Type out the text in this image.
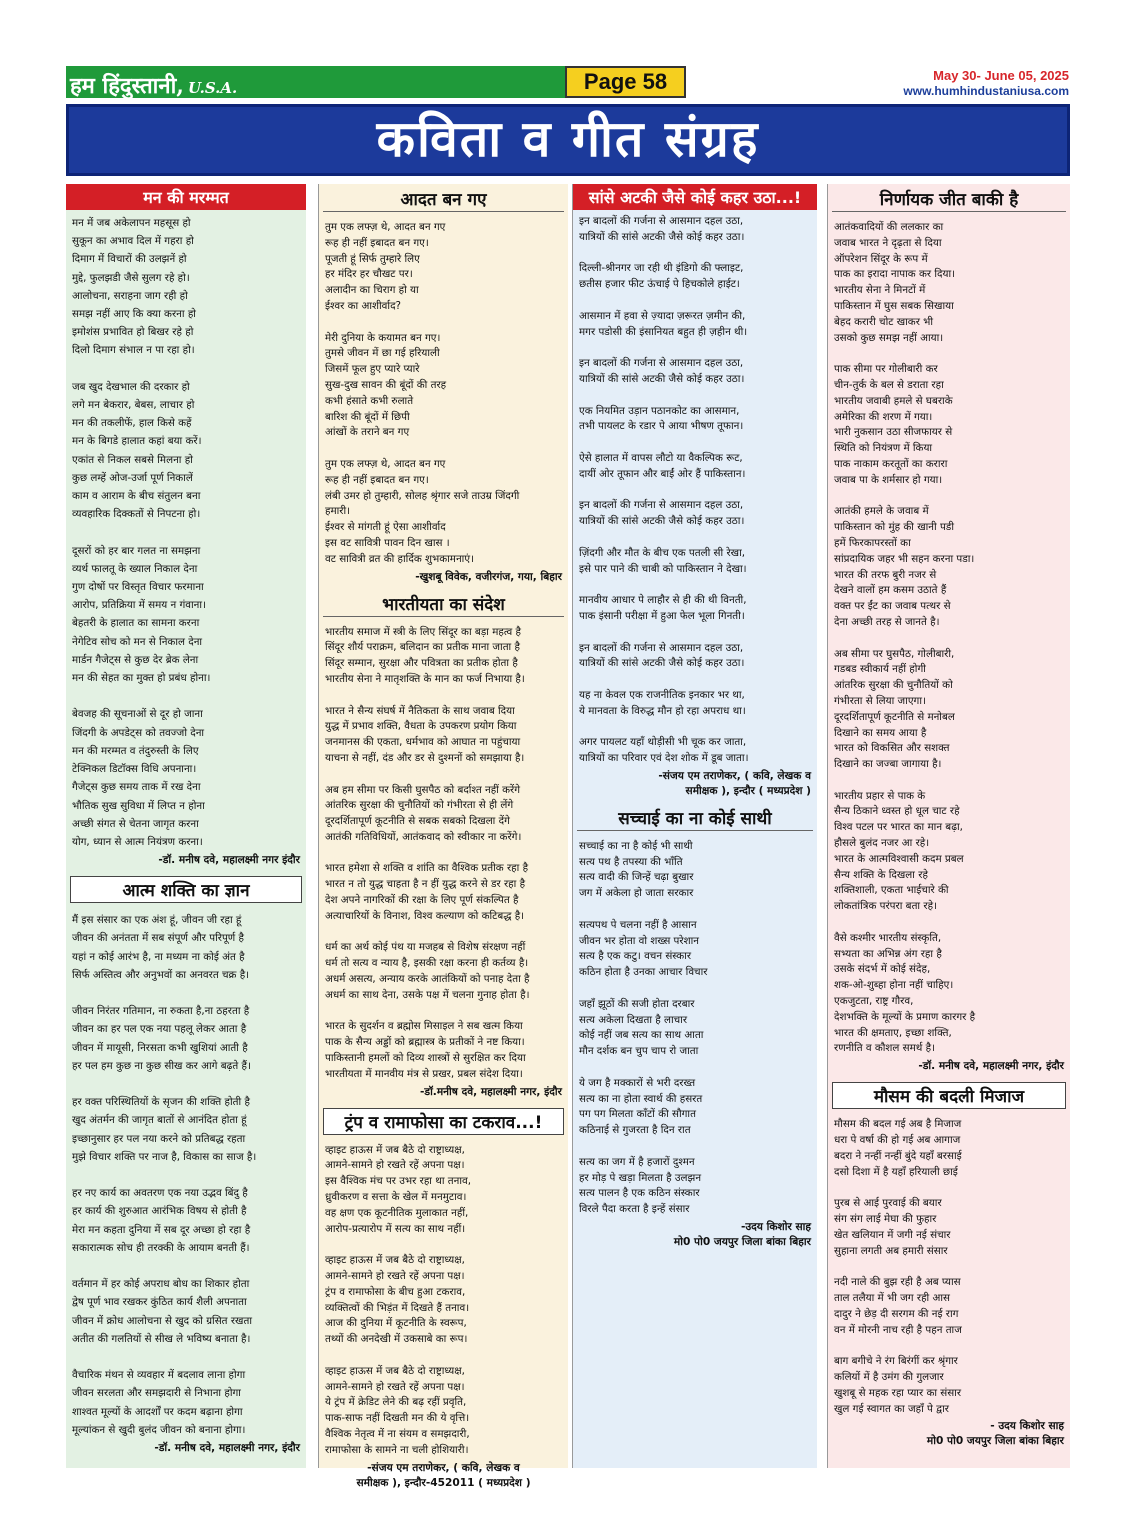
हम हिंदुस्तानी, U.S.A.	Page 58	May 30- June 05, 2025
www.humhindustaniusa.com
कविता व गीत संग्रह
मन की मरम्मत
मन में जब अकेलापन महसूस हो
सुकून का अभाव दिल में गहरा हो
दिमाग में विचारों की उलझनें हो
मुद्दे, फुलझडी जैसे सुलग रहे हो।
आलोचना, सराहना जाग रही हो
समझ नहीं आए कि क्या करना हो
इमोशंस प्रभावित हो बिखर रहे हो
दिलो दिमाग संभाल न पा रहा हो।

जब खुद देखभाल की दरकार हो
लगे मन बेकरार, बेबस, लाचार हो
मन की तकलीफें, हाल किसे कहें
मन के बिगडे हालात कहां बया करें।
एकांत से निकल सबसे मिलना हो
कुछ लम्हें ओज-उर्जा पूर्ण निकालें
काम व आराम के बीच संतुलन बना
व्यवहारिक दिक्कतों से निपटना हो।

दूसरों को हर बार गलत ना समझना
व्यर्थ फालतू के ख्याल निकाल देना
गुण दोषों पर विस्तृत विचार फरमाना
आरोप, प्रतिक्रिया में समय न गंवाना।
बेहतरी के हालात का सामना करना
नेगेटिव सोच को मन से निकाल देना
मार्डन गैजेट्स से कुछ देर ब्रेक लेना
मन की सेहत का मुक्त हो प्रबंध होना।

बेवजह की सूचनाओं से दूर हो जाना
जिंदगी के अपडेट्स को तवज्जो देना
मन की मरम्मत व तंदुरुस्ती के लिए
टेक्निकल डिटॉक्स विधि अपनाना।
गैजेट्स कुछ समय ताक में रख देना
भौतिक सुख सुविधा में लिप्त न होना
अच्छी संगत से चेतना जागृत करना
योग, ध्यान से आत्म नियंत्रण करना।
-डॉ. मनीष दवे, महालक्ष्मी नगर इंदौर
आत्म शक्ति का ज्ञान
मैं इस संसार का एक अंश हूं, जीवन जी रहा हूं
जीवन की अनंतता में सब संपूर्ण और परिपूर्ण है
यहां न कोई आरंभ है, ना मध्यम ना कोई अंत है
सिर्फ अस्तित्व और अनुभवों का अनवरत चक्र है।

जीवन निरंतर गतिमान, ना रुकता है,ना ठहरता है
जीवन का हर पल एक नया पहलू लेकर आता है
जीवन में मायूसी, निरसता कभी खुशियां आती है
हर पल हम कुछ ना कुछ सीख कर आगे बढ़ते हैं।

हर वक्त परिस्थितियों के सृजन की शक्ति होती है
खुद अंतर्मन की जागृत बातों से आनंदित होता हूं
इच्छानुसार हर पल नया करने को प्रतिबद्ध रहता
मुझे विचार शक्ति पर नाज है, विकास का साज है।

हर नए कार्य का अवतरण एक नया उद्भव बिंदु है
हर कार्य की शुरुआत आरंभिक विषय से होती है
मेरा मन कहता दुनिया में सब दूर अच्छा हो रहा है
सकारात्मक सोच ही तरक्की के आयाम बनती हैं।

वर्तमान में हर कोई अपराध बोध का शिकार होता
द्वेष पूर्ण भाव रखकर कुंठित कार्य शैली अपनाता
जीवन में क्रोध आलोचना से खुद को ग्रसित रखता
अतीत की गलतियों से सीख ले भविष्य बनाता है।

वैचारिक मंथन से व्यवहार में बदलाव लाना होगा
जीवन सरलता और समझदारी से निभाना होगा
शाश्वत मूल्यों के आदर्शों पर कदम बढ़ाना होगा
मूल्यांकन से खुदी बुलंद जीवन को बनाना होगा।
-डॉ. मनीष दवे, महालक्ष्मी नगर, इंदौर
आदत बन गए
तुम एक लफ्ज़ थे, आदत बन गए
रूह ही नहीं इबादत बन गए।
पूजती हूं सिर्फ तुम्हारे लिए
हर मंदिर हर चौखट पर।
अलादीन का चिराग हो या
ईश्वर का आशीर्वाद?

मेरी दुनिया के कयामत बन गए।
तुमसे जीवन में छा गई हरियाली
जिसमें फूल हुए प्यारे प्यारे
सुख-दुख सावन की बूंदों की तरह
कभी हंसाते कभी रुलाते
बारिश की बूंदों में छिपी
आंखों के तराने बन गए

तुम एक लफ्ज़ थे, आदत बन गए
रूह ही नहीं इबादत बन गए।
लंबी उमर हो तुम्हारी, सोलह श्रृंगार सजे ताउम्र जिंदगी
हमारी।
ईश्वर से मांगती हूं ऐसा आशीर्वाद
इस वट सावित्री पावन दिन खास ।
वट सावित्री व्रत की हार्दिक शुभकामनाएं।
-खुशबू विवेक, वजीरगंज, गया, बिहार
भारतीयता का संदेश
भारतीय समाज में स्त्री के लिए सिंदूर का बड़ा महत्व है
सिंदूर शौर्य पराक्रम, बलिदान का प्रतीक माना जाता है
सिंदूर सम्मान, सुरक्षा और पवित्रता का प्रतीक होता है
भारतीय सेना ने मातृशक्ति के मान का फर्ज निभाया है।

भारत ने सैन्य संघर्ष में नैतिकता के साथ जवाब दिया
युद्ध में प्रभाव शक्ति, वैधता के उपकरण प्रयोग किया
जनमानस की एकता, धर्मभाव को आघात ना पहुंचाया
याचना से नहीं, दंड और डर से दुश्मनों को समझाया है।

अब हम सीमा पर किसी घुसपैठ को बर्दाश्त नहीं करेंगे
आंतरिक सुरक्षा की चुनौतियों को गंभीरता से ही लेंगे
दूरदर्शितापूर्ण कूटनीति से सबक सबको दिखला देंगे
आतंकी गतिविधियों, आतंकवाद को स्वीकार ना करेंगे।

भारत हमेशा से शक्ति व शांति का वैश्विक प्रतीक रहा है
भारत न तो युद्ध चाहता है न हीं युद्ध करने से डर रहा है
देश अपने नागरिकों की रक्षा के लिए पूर्ण संकल्पित है
अत्याचारियों के विनाश, विश्व कल्याण को कटिबद्ध है।

धर्म का अर्थ कोई पंथ या मजहब से विशेष संरक्षण नहीं
धर्म तो सत्य व न्याय है, इसकी रक्षा करना ही कर्तव्य है।
अधर्म असत्य, अन्याय करके आतंकियों को पनाह देता है
अधर्म का साथ देना, उसके पक्ष में चलना गुनाह होता है।

भारत के सुदर्शन व ब्रह्मोस मिसाइल ने सब खत्म किया
पाक के सैन्य अड्डों को ब्रह्मास्त्र के प्रतीकों ने नष्ट किया।
पाकिस्तानी हमलों को दिव्य शास्त्रों से सुरक्षित कर दिया
भारतीयता में मानवीय मंत्र से प्रखर, प्रबल संदेश दिया।
-डॉ.मनीष दवे, महालक्ष्मी नगर, इंदौर
ट्रंप व रामाफोसा का टकराव...!
व्हाइट हाऊस में जब बैठे दो राष्ट्राध्यक्ष,
आमने-सामने हो रखते रहें अपना पक्ष।
इस वैश्विक मंच पर उभर रहा था तनाव,
ध्रुवीकरण व सत्ता के खेल में मनमुटाव।
वह क्षण एक कूटनीतिक मुलाकात नहीं,
आरोप-प्रत्यारोप में सत्य का साथ नहीं।

व्हाइट हाऊस में जब बैठे दो राष्ट्राध्यक्ष,
आमने-सामने हो रखते रहें अपना पक्ष।
ट्रंप व रामाफोसा के बीच हुआ टकराव,
व्यक्तित्वों की भिड़ंत में दिखते हैं तनाव।
आज की दुनिया में कूटनीति के स्वरूप,
तथ्यों की अनदेखी में उकसाबे का रूप।

व्हाइट हाऊस में जब बैठे दो राष्ट्राध्यक्ष,
आमने-सामने हो रखते रहें अपना पक्ष।
ये ट्रंप में क्रेडिट लेने की बढ़ रहीं प्रवृति,
पाक-साफ नहीं दिखती मन की ये वृत्ति।
वैश्विक नेतृत्व में ना संयम व समझदारी,
रामाफोसा के सामने ना चली होशियारी।
-संजय एम तराणेकर, ( कवि, लेखक व
समीक्षक ), इन्दौर-452011 ( मध्यप्रदेश )
सांसे अटकी जैसे कोई कहर उठा...!
इन बादलों की गर्जना से आसमान दहल उठा,
यात्रियों की सांसे अटकी जैसे कोई कहर उठा।

दिल्ली-श्रीनगर जा रही थी इंडिगो की फ्लाइट,
छतीस हजार फीट ऊंचाई पे हिचकोले हाईट।

आसमान में हवा से ज़्यादा ज़रूरत ज़मीन की,
मगर पडोसी की इंसानियत बहुत ही ज़हीन थी।

इन बादलों की गर्जना से आसमान दहल उठा,
यात्रियों की सांसे अटकी जैसे कोई कहर उठा।

एक नियमित उड़ान पठानकोट का आसमान,
तभी पायलट के रडार पे आया भीषण तूफान।

ऐसे हालात में वापस लौटो या वैकल्पिक रूट,
दायीं ओर तूफान और बाईं ओर हैं पाकिस्तान।

इन बादलों की गर्जना से आसमान दहल उठा,
यात्रियों की सांसे अटकी जैसे कोई कहर उठा।

ज़िंदगी और मौत के बीच एक पतली सी रेखा,
इसे पार पाने की चाबी को पाकिस्तान ने देखा।

मानवीय आधार पे लाहौर से ही की थी विनती,
पाक इंसानी परीक्षा में हुआ फेल भूला गिनती।

इन बादलों की गर्जना से आसमान दहल उठा,
यात्रियों की सांसे अटकी जैसे कोई कहर उठा।

यह ना केवल एक राजनीतिक इनकार भर था,
ये मानवता के विरुद्ध मौन हो रहा अपराध था।

अगर पायलट यहाँ थोड़ीसी भी चूक कर जाता,
यात्रियों का परिवार एवं देश शोक में डूब जाता।
-संजय एम तराणेकर, ( कवि, लेखक व
समीक्षक ), इन्दौर ( मध्यप्रदेश )
सच्चाई का ना कोई साथी
सच्चाई का ना है कोई भी साथी
सत्य पथ है तपस्या की भाँति
सत्य वादी की जिन्हें चढ़ा बुखार
जग में अकेला हो जाता सरकार

सत्यपथ पे चलना नहीं है आसान
जीवन भर होता वो शख्स परेशान
सत्य है एक कटु। वचन संस्कार
कठिन होता है उनका आचार विचार

जहाँ झूठों की सजी होता दरबार
सत्य अकेला दिखता है लाचार
कोई नहीं जब सत्य का साथ आता
मौन दर्शक बन चुप चाप रो जाता

ये जग है मक्कारों से भरी दरख्त
सत्य का ना होता स्वार्थ की हसरत
पग पग मिलता काँटों की सौगात
कठिनाई से गुजरता है दिन रात

सत्य का जग में है हजारों दुश्मन
हर मोड़ पे खड़ा मिलता है उलझन
सत्य पालन है एक कठिन संस्कार
विरले पैदा करता है इन्हें संसार
-उदय किशोर साह
मो0 पो0 जयपुर जिला बांका बिहार
निर्णायक जीत बाकी है
आतंकवादियों की ललकार का
जवाब भारत ने दृढ़ता से दिया
ऑपरेशन सिंदूर के रूप में
पाक का इरादा नापाक कर दिया।
भारतीय सेना ने मिनटों में
पाकिस्तान में घुस सबक सिखाया
बेहद करारी चोट खाकर भी
उसको कुछ समझ नहीं आया।

पाक सीमा पर गोलीबारी कर
चीन-तुर्क के बल से डराता रहा
भारतीय जवाबी हमले से घबराके
अमेरिका की शरण में गया।
भारी नुकसान उठा सीजफायर से
स्थिति को नियंत्रण में किया
पाक नाकाम करतूतों का करारा
जवाब पा के शर्मसार हो गया।

आतंकी हमले के जवाब में
पाकिस्तान को मुंह की खानी पडी
हमें फिरकापरस्तों का
सांप्रदायिक जहर भी सहन करना पडा।
भारत की तरफ बुरी नजर से
देखने वालों हम कसम उठाते हैं
वक्त पर ईंट का जवाब पत्थर से
देना अच्छी तरह से जानते है।

अब सीमा पर घुसपैठ, गोलीबारी,
गडबड स्वीकार्य नहीं होगी
आंतरिक सुरक्षा की चुनौतियों को
गंभीरता से लिया जाएगा।
दूरदर्शितापूर्ण कूटनीति से मनोबल
दिखाने का समय आया है
भारत को विकसित और सशक्त
दिखाने का जज्बा जागाया है।

भारतीय प्रहार से पाक के
सैन्य ठिकाने ध्वस्त हो धूल चाट रहे
विश्व पटल पर भारत का मान बढ़ा,
हौसले बुलंद नजर आ रहे।
भारत के आत्मविश्वासी कदम प्रबल
सैन्य शक्ति के दिखला रहे
शक्तिशाली, एकता भाईचारे की
लोकतांत्रिक परंपरा बता रहे।

वैसे कश्मीर भारतीय संस्कृति,
सभ्यता का अभिन्न अंग रहा है
उसके संदर्भ में कोई संदेह,
शक-ओ-शुब्हा होना नहीं चाहिए।
एकजुटता, राष्ट्र गौरव,
देशभक्ति के मूल्यों के प्रमाण कारगर है
भारत की क्षमताए, इच्छा शक्ति,
रणनीति व कौशल समर्थ है।
-डॉ. मनीष दवे, महालक्ष्मी नगर, इंदौर
मौसम की बदली मिजाज
मौसम की बदल गई अब है मिजाज
धरा पे वर्षा की हो गई अब आगाज
बदरा ने नन्हीं नन्हीं बुंदे यहाँ बरसाई
दसो दिशा में है यहाँ हरियाली छाई

पुरब से आई पुरवाई की बयार
संग संग लाई मेघा की फुहार
खेत खलियान में जगी नई संचार
सुहाना लगती अब हमारी संसार

नदी नाले की बुझ रही है अब प्यास
ताल तलैया में भी जग रही आस
दादुर ने छेड़ दी सरगम की नई राग
वन में मोरनी नाच रही है पहन ताज

बाग बगीचे ने रंग बिरंगीं कर श्रृंगार
कलियों में है उमंग की गुलजार
खुशबू से महक रहा प्यार का संसार
खुल गई स्वागत का जहाँ पे द्वार
- उदय किशोर साह
मो0 पो0 जयपुर जिला बांका बिहार
